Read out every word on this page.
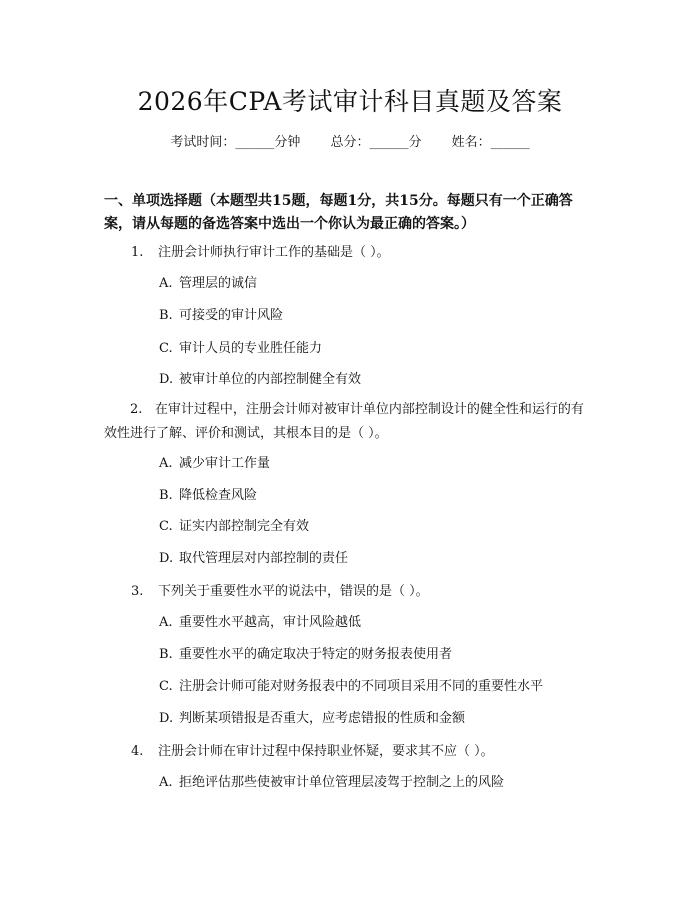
2026年CPA考试审计科目真题及答案
考试时间：______分钟 总分：______分 姓名：______
一、单项选择题（本题型共15题，每题1分，共15分。每题只有一个正确答案，请从每题的备选答案中选出一个你认为最正确的答案。）
1. 注册会计师执行审计工作的基础是（ ）。
A. 管理层的诚信
B. 可接受的审计风险
C. 审计人员的专业胜任能力
D. 被审计单位的内部控制健全有效
2. 在审计过程中，注册会计师对被审计单位内部控制设计的健全性和运行的有效性进行了解、评价和测试，其根本目的是（ ）。
A. 减少审计工作量
B. 降低检查风险
C. 证实内部控制完全有效
D. 取代管理层对内部控制的责任
3. 下列关于重要性水平的说法中，错误的是（ ）。
A. 重要性水平越高，审计风险越低
B. 重要性水平的确定取决于特定的财务报表使用者
C. 注册会计师可能对财务报表中的不同项目采用不同的重要性水平
D. 判断某项错报是否重大，应考虑错报的性质和金额
4. 注册会计师在审计过程中保持职业怀疑，要求其不应（ ）。
A. 拒绝评估那些使被审计单位管理层凌驾于控制之上的风险
